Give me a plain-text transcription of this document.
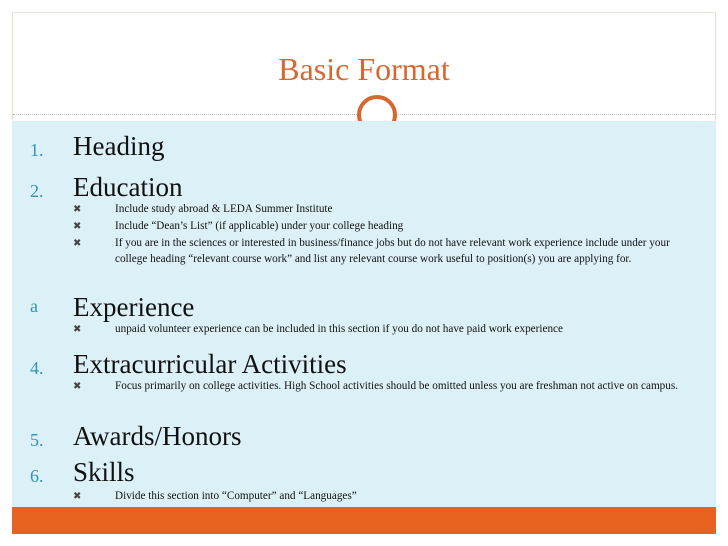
Basic Format
1. Heading
2. Education
✖	Include study abroad & LEDA Summer Institute
✖	Include “Dean’s List” (if applicable) under your college heading
✖	If you are in the sciences or interested in business/finance jobs but do not have relevant work experience include under your college heading “relevant course work” and list any relevant course work useful to position(s) you are applying for.
a Experience
✖	unpaid volunteer experience can be included in this section if you do not have paid work experience
4. Extracurricular Activities
✖	Focus primarily on college activities. High School activities should be omitted unless you are freshman not active on campus.
5. Awards/Honors
6. Skills
✖	Divide this section into “Computer” and “Languages”
